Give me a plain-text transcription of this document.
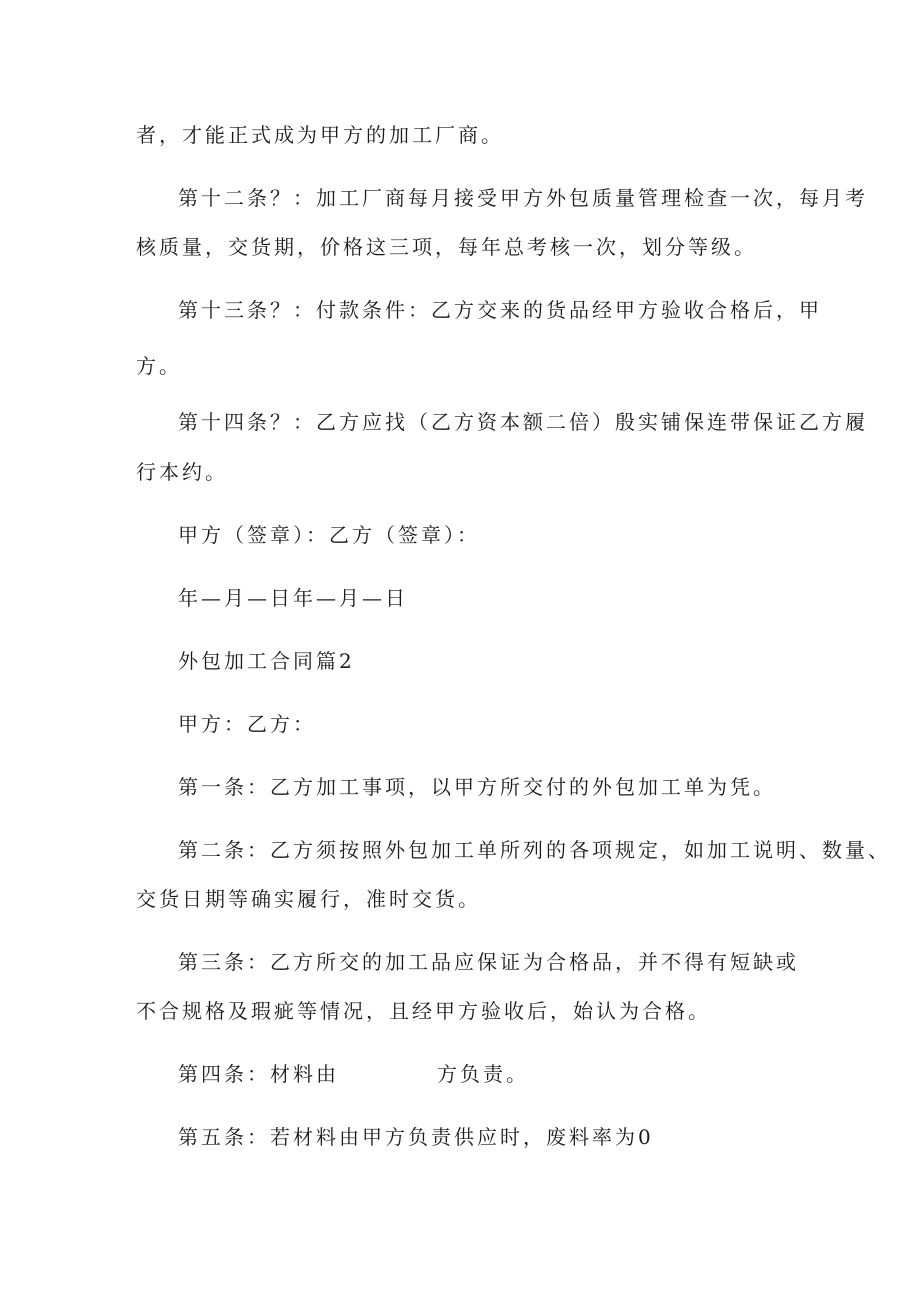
者，才能正式成为甲方的加工厂商。
第十二条？：加工厂商每月接受甲方外包质量管理检查一次，每月考
核质量，交货期，价格这三项，每年总考核一次，划分等级。
第十三条？：付款条件：乙方交来的货品经甲方验收合格后，甲
方。
第十四条？：乙方应找（乙方资本额二倍）殷实铺保连带保证乙方履
行本约。
甲方（签章）：乙方（签章）：
年—月—日年—月—日
外包加工合同篇2
甲方：乙方：
第一条：乙方加工事项，以甲方所交付的外包加工单为凭。
第二条：乙方须按照外包加工单所列的各项规定，如加工说明、数量、
交货日期等确实履行，准时交货。
第三条：乙方所交的加工品应保证为合格品，并不得有短缺或
不合规格及瑕疵等情况，且经甲方验收后，始认为合格。
第四条：材料由	方负责。
第五条：若材料由甲方负责供应时，废料率为0
